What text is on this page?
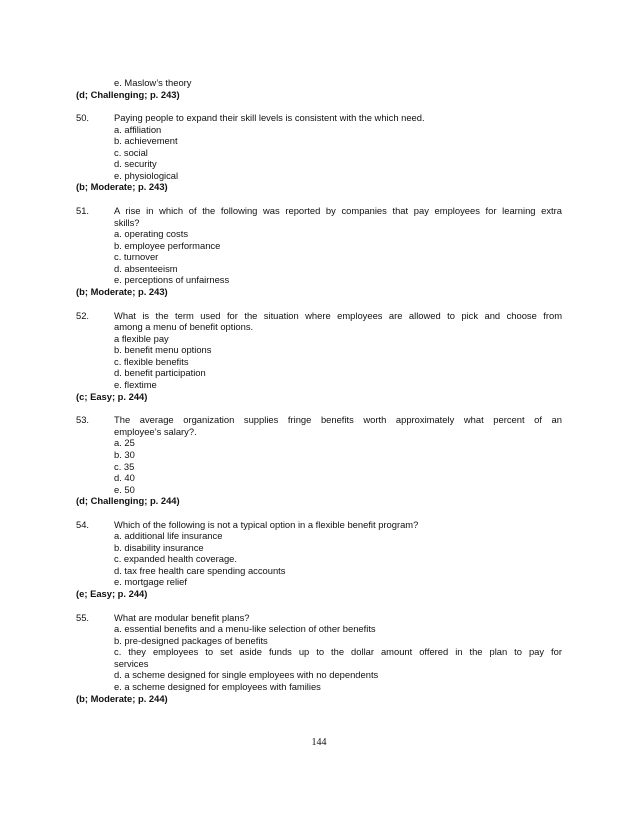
e. Maslow’s theory
(d; Challenging; p. 243)
50.	Paying people to expand their skill levels is consistent with the which need.
a. affiliation
b. achievement
c. social
d. security
e. physiological
(b; Moderate; p. 243)
51.	A rise in which of the following was reported by companies that pay employees for learning extra
skills?
a. operating costs
b. employee performance
c. turnover
d. absenteeism
e. perceptions of unfairness
(b; Moderate; p. 243)
52.	What is the term used for the situation where employees are allowed to pick and choose from
among a menu of benefit options.
a flexible pay
b. benefit menu options
c. flexible benefits
d. benefit participation
e. flextime
(c; Easy; p. 244)
53.	The average organization supplies fringe benefits worth approximately what percent of an
employee’s salary?.
a. 25
b. 30
c. 35
d. 40
e. 50
(d; Challenging; p. 244)
54.	Which of the following is not a typical option in a flexible benefit program?
a. additional life insurance
b. disability insurance
c. expanded health coverage.
d. tax free health care spending accounts
e. mortgage relief
(e; Easy; p. 244)
55.	What are modular benefit plans?
a. essential benefits and a menu-like selection of other benefits
b. pre-designed packages of benefits
c. they employees to set aside funds up to the dollar amount offered in the plan to pay for
services
d. a scheme designed for single employees with no dependents
e. a scheme designed for employees with families
(b; Moderate; p. 244)
144
